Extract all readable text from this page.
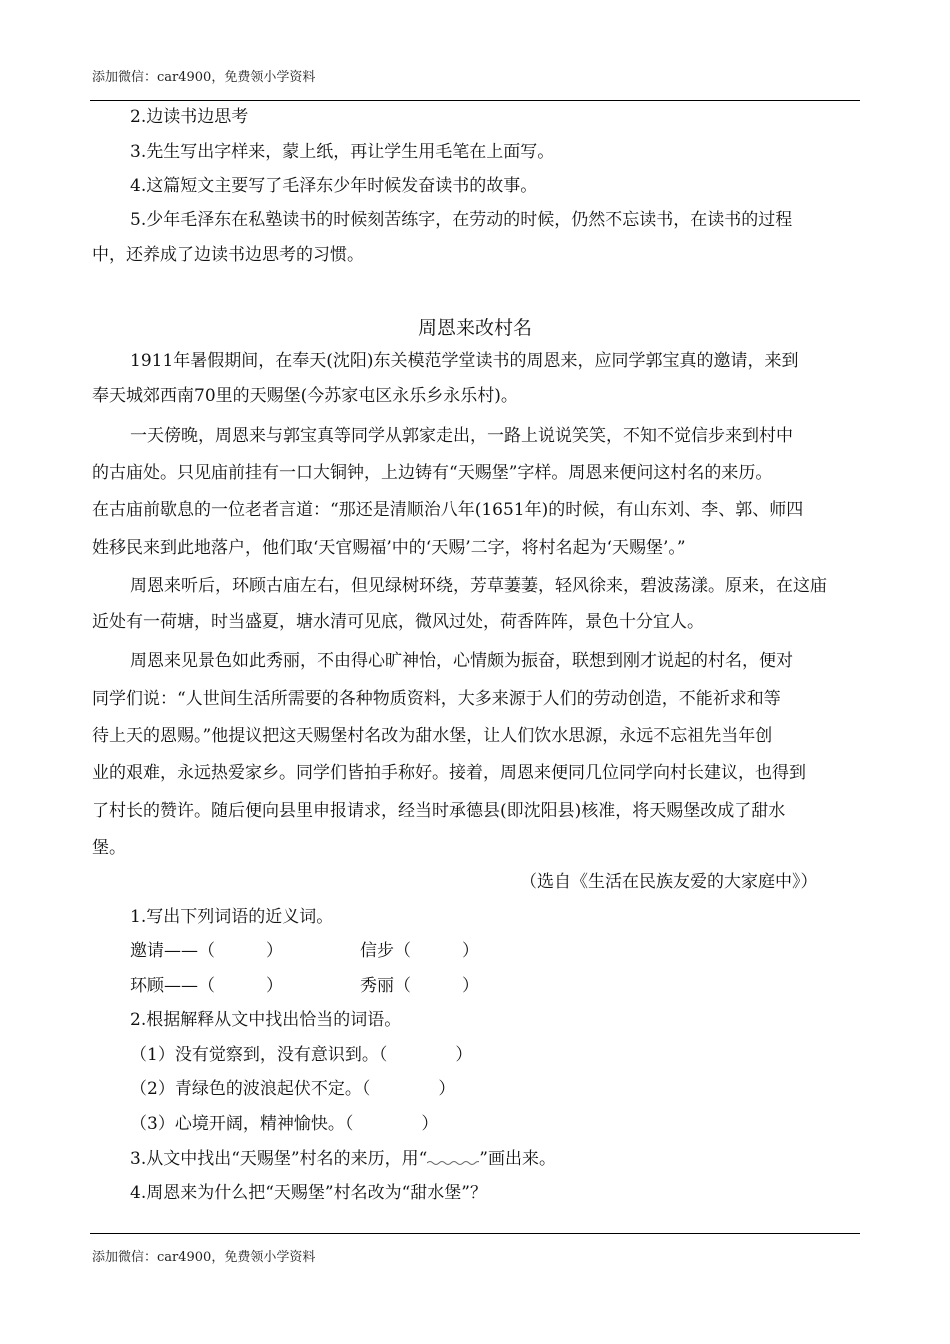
添加微信：car4900，免费领小学资料
2.边读书边思考
3.先生写出字样来，蒙上纸，再让学生用毛笔在上面写。
4.这篇短文主要写了毛泽东少年时候发奋读书的故事。
5.少年毛泽东在私塾读书的时候刻苦练字，在劳动的时候，仍然不忘读书，在读书的过程
中，还养成了边读书边思考的习惯。
周恩来改村名
1911年暑假期间，在奉天(沈阳)东关模范学堂读书的周恩来，应同学郭宝真的邀请，来到
奉天城郊西南70里的天赐堡(今苏家屯区永乐乡永乐村)。
一天傍晚，周恩来与郭宝真等同学从郭家走出，一路上说说笑笑，不知不觉信步来到村中
的古庙处。只见庙前挂有一口大铜钟，上边铸有“天赐堡”字样。周恩来便问这村名的来历。
在古庙前歇息的一位老者言道：“那还是清顺治八年(1651年)的时候，有山东刘、李、郭、师四
姓移民来到此地落户，他们取‘天官赐福’中的‘天赐’二字，将村名起为‘天赐堡’。”
周恩来听后，环顾古庙左右，但见绿树环绕，芳草萋萋，轻风徐来，碧波荡漾。原来，在这庙
近处有一荷塘，时当盛夏，塘水清可见底，微风过处，荷香阵阵，景色十分宜人。
周恩来见景色如此秀丽，不由得心旷神怡，心情颇为振奋，联想到刚才说起的村名，便对
同学们说：“人世间生活所需要的各种物质资料，大多来源于人们的劳动创造，不能祈求和等
待上天的恩赐。”他提议把这天赐堡村名改为甜水堡，让人们饮水思源，永远不忘祖先当年创
业的艰难，永远热爱家乡。同学们皆拍手称好。接着，周恩来便同几位同学向村长建议，也得到
了村长的赞许。随后便向县里申报请求，经当时承德县(即沈阳县)核准，将天赐堡改成了甜水
堡。
（选自《生活在民族友爱的大家庭中》）
1.写出下列词语的近义词。
邀请——（　　　）	信步（　　　）
环顾——（　　　）	秀丽（　　　）
2.根据解释从文中找出恰当的词语。
（1）没有觉察到，没有意识到。（　　　　）
（2）青绿色的波浪起伏不定。（　　　　）
（3）心境开阔，精神愉快。（　　　　）
3.从文中找出“天赐堡”村名的来历，用“	”画出来。
4.周恩来为什么把“天赐堡”村名改为“甜水堡”？
添加微信：car4900，免费领小学资料
